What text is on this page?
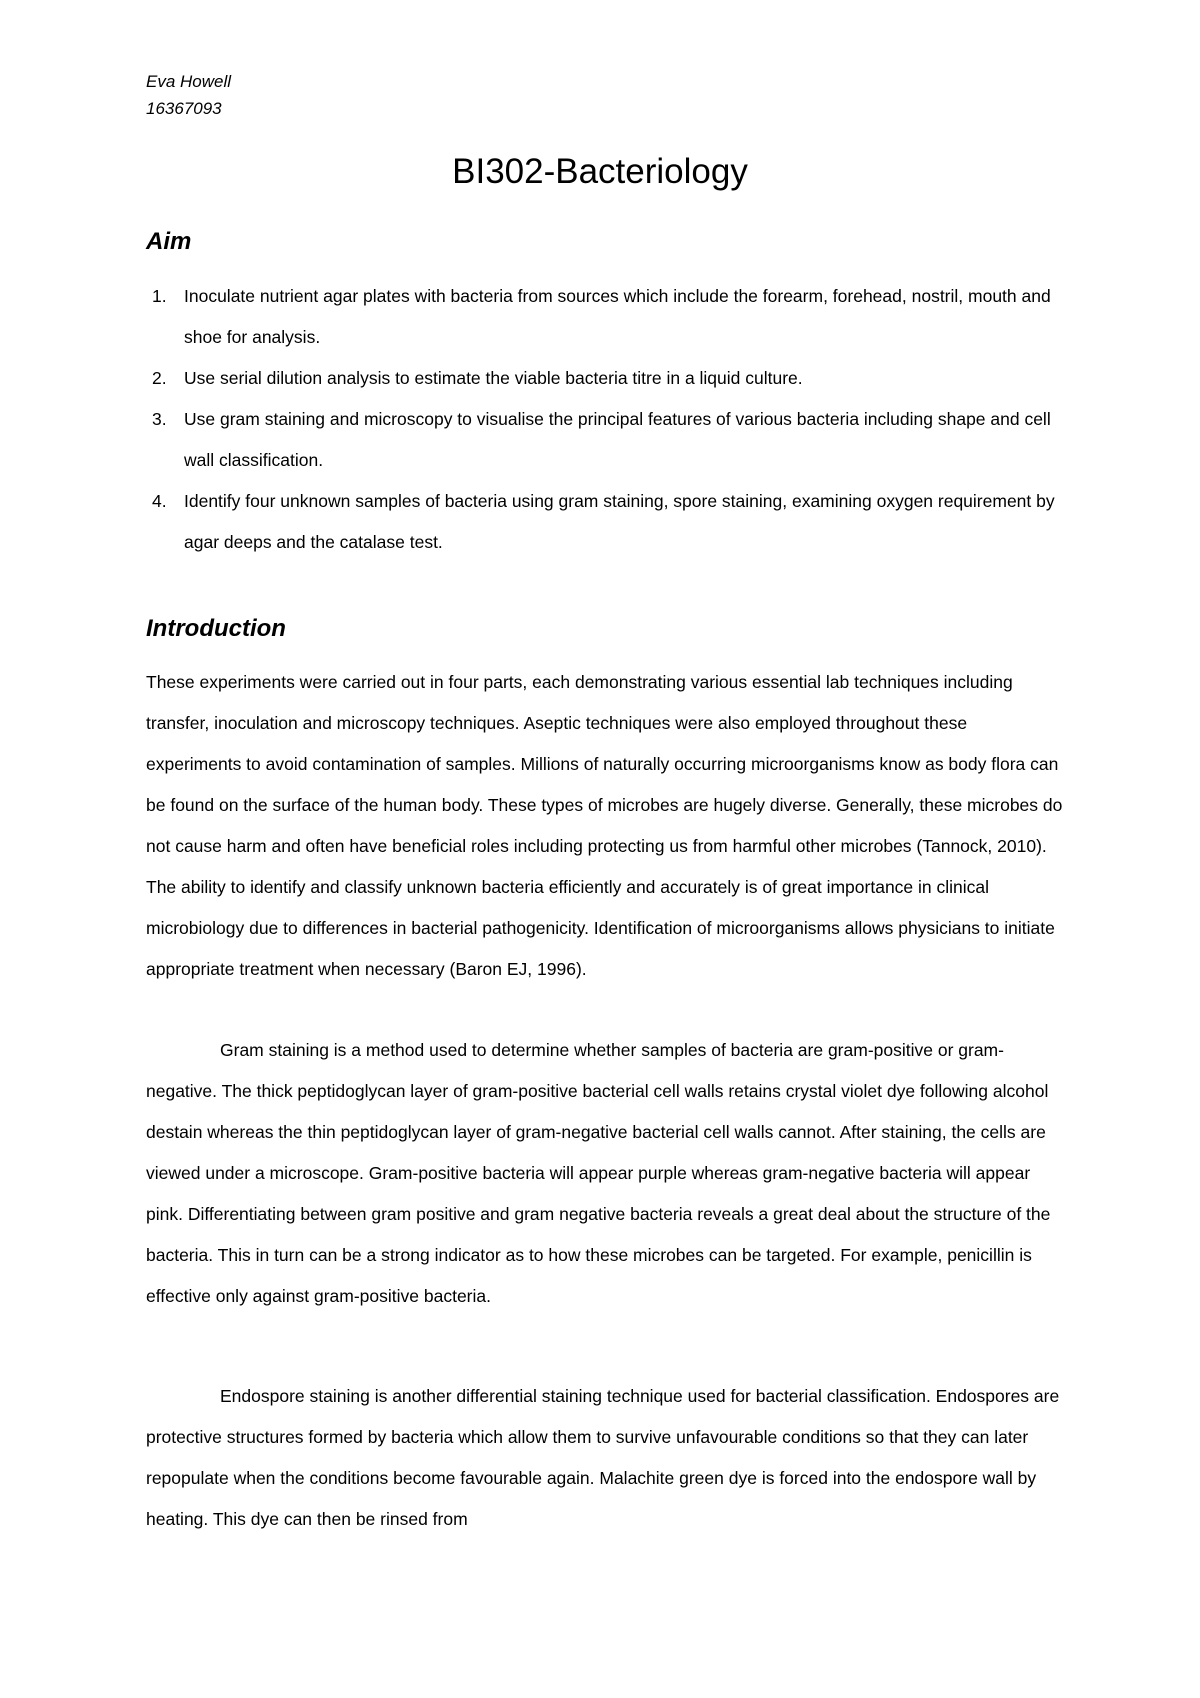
Eva Howell
16367093
BI302-Bacteriology
Aim
1. Inoculate nutrient agar plates with bacteria from sources which include the forearm, forehead, nostril, mouth and shoe for analysis.
2. Use serial dilution analysis to estimate the viable bacteria titre in a liquid culture.
3. Use gram staining and microscopy to visualise the principal features of various bacteria including shape and cell wall classification.
4. Identify four unknown samples of bacteria using gram staining, spore staining, examining oxygen requirement by agar deeps and the catalase test.
Introduction

These experiments were carried out in four parts, each demonstrating various essential lab techniques including transfer, inoculation and microscopy techniques. Aseptic techniques were also employed throughout these experiments to avoid contamination of samples. Millions of naturally occurring microorganisms know as body flora can be found on the surface of the human body. These types of microbes are hugely diverse. Generally, these microbes do not cause harm and often have beneficial roles including protecting us from harmful other microbes (Tannock, 2010). The ability to identify and classify unknown bacteria efficiently and accurately is of great importance in clinical microbiology due to differences in bacterial pathogenicity. Identification of microorganisms allows physicians to initiate appropriate treatment when necessary (Baron EJ, 1996).

Gram staining is a method used to determine whether samples of bacteria are gram-positive or gram-negative. The thick peptidoglycan layer of gram-positive bacterial cell walls retains crystal violet dye following alcohol destain whereas the thin peptidoglycan layer of gram-negative bacterial cell walls cannot. After staining, the cells are viewed under a microscope. Gram-positive bacteria will appear purple whereas gram-negative bacteria will appear pink. Differentiating between gram positive and gram negative bacteria reveals a great deal about the structure of the bacteria. This in turn can be a strong indicator as to how these microbes can be targeted. For example, penicillin is effective only against gram-positive bacteria.

Endospore staining is another differential staining technique used for bacterial classification. Endospores are protective structures formed by bacteria which allow them to survive unfavourable conditions so that they can later repopulate when the conditions become favourable again. Malachite green dye is forced into the endospore wall by heating. This dye can then be rinsed from
